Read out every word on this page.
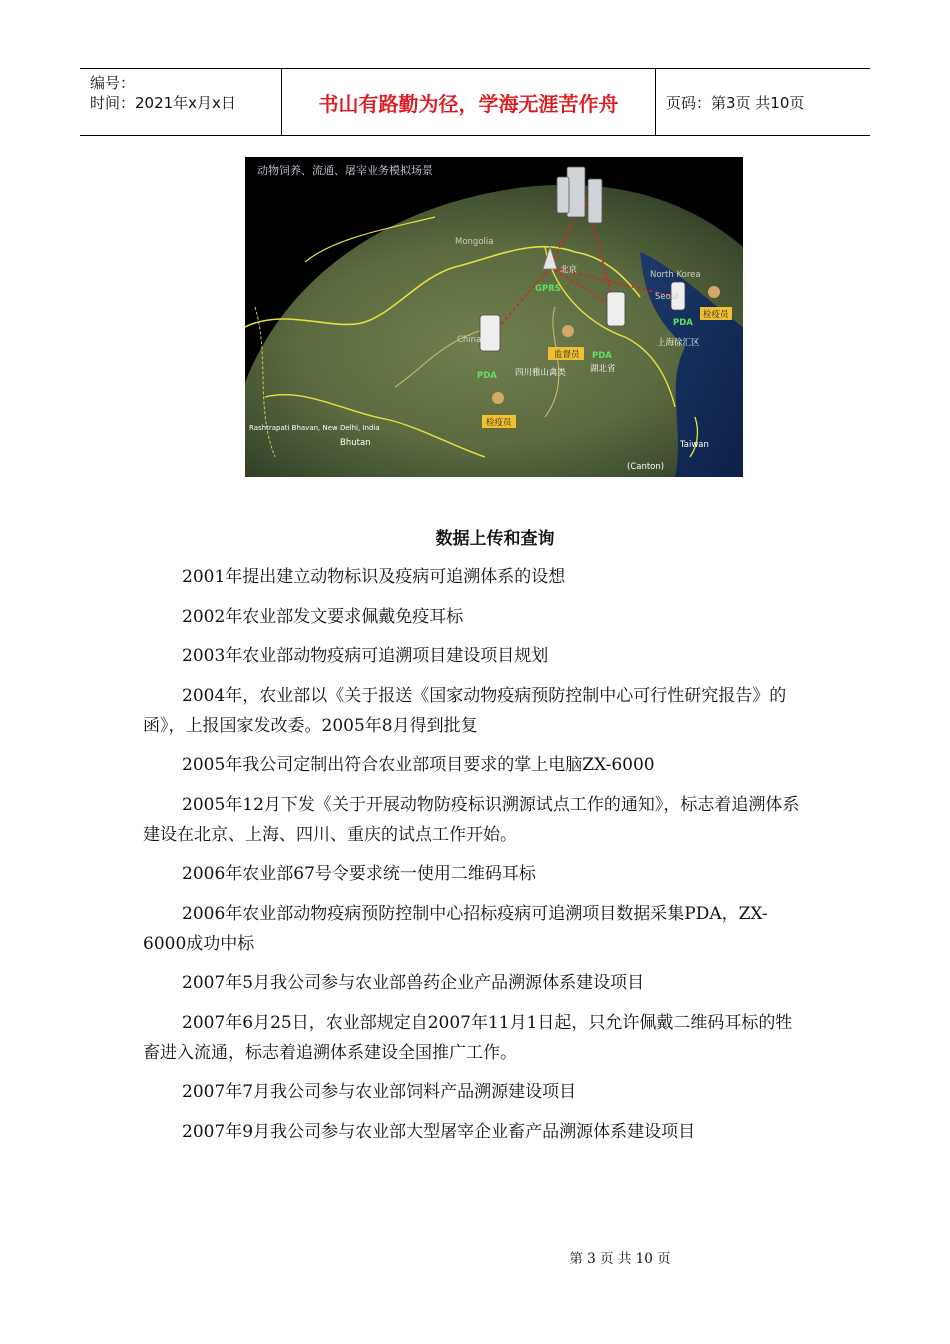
编号：
时间：2021年x月x日	书山有路勤为径，学海无涯苦作舟	页码：第3页 共10页
动物饲养、流通、屠宰业务模拟场景
Mongolia
北京
GPRS
China
North Korea
Seoul
检疫员
监督员 PDA
PDA
PDA
上海徐汇区
四川雅山禽类	湖北省
检疫员
Rashtrapati Bhavan, New Delhi, India
Bhutan	Taiwan
(Canton)
数据上传和查询

2001年提出建立动物标识及疫病可追溯体系的设想

2002年农业部发文要求佩戴免疫耳标

2003年农业部动物疫病可追溯项目建设项目规划

2004年，农业部以《关于报送《国家动物疫病预防控制中心可行性研究报告》的函》，上报国家发改委。2005年8月得到批复

2005年我公司定制出符合农业部项目要求的掌上电脑ZX-6000

2005年12月下发《关于开展动物防疫标识溯源试点工作的通知》，标志着追溯体系建设在北京、上海、四川、重庆的试点工作开始。

2006年农业部67号令要求统一使用二维码耳标

2006年农业部动物疫病预防控制中心招标疫病可追溯项目数据采集PDA，ZX-6000成功中标

2007年5月我公司参与农业部兽药企业产品溯源体系建设项目

2007年6月25日，农业部规定自2007年11月1日起，只允许佩戴二维码耳标的牲畜进入流通，标志着追溯体系建设全国推广工作。

2007年7月我公司参与农业部饲料产品溯源建设项目

2007年9月我公司参与农业部大型屠宰企业畜产品溯源体系建设项目

第 3 页 共 10 页
